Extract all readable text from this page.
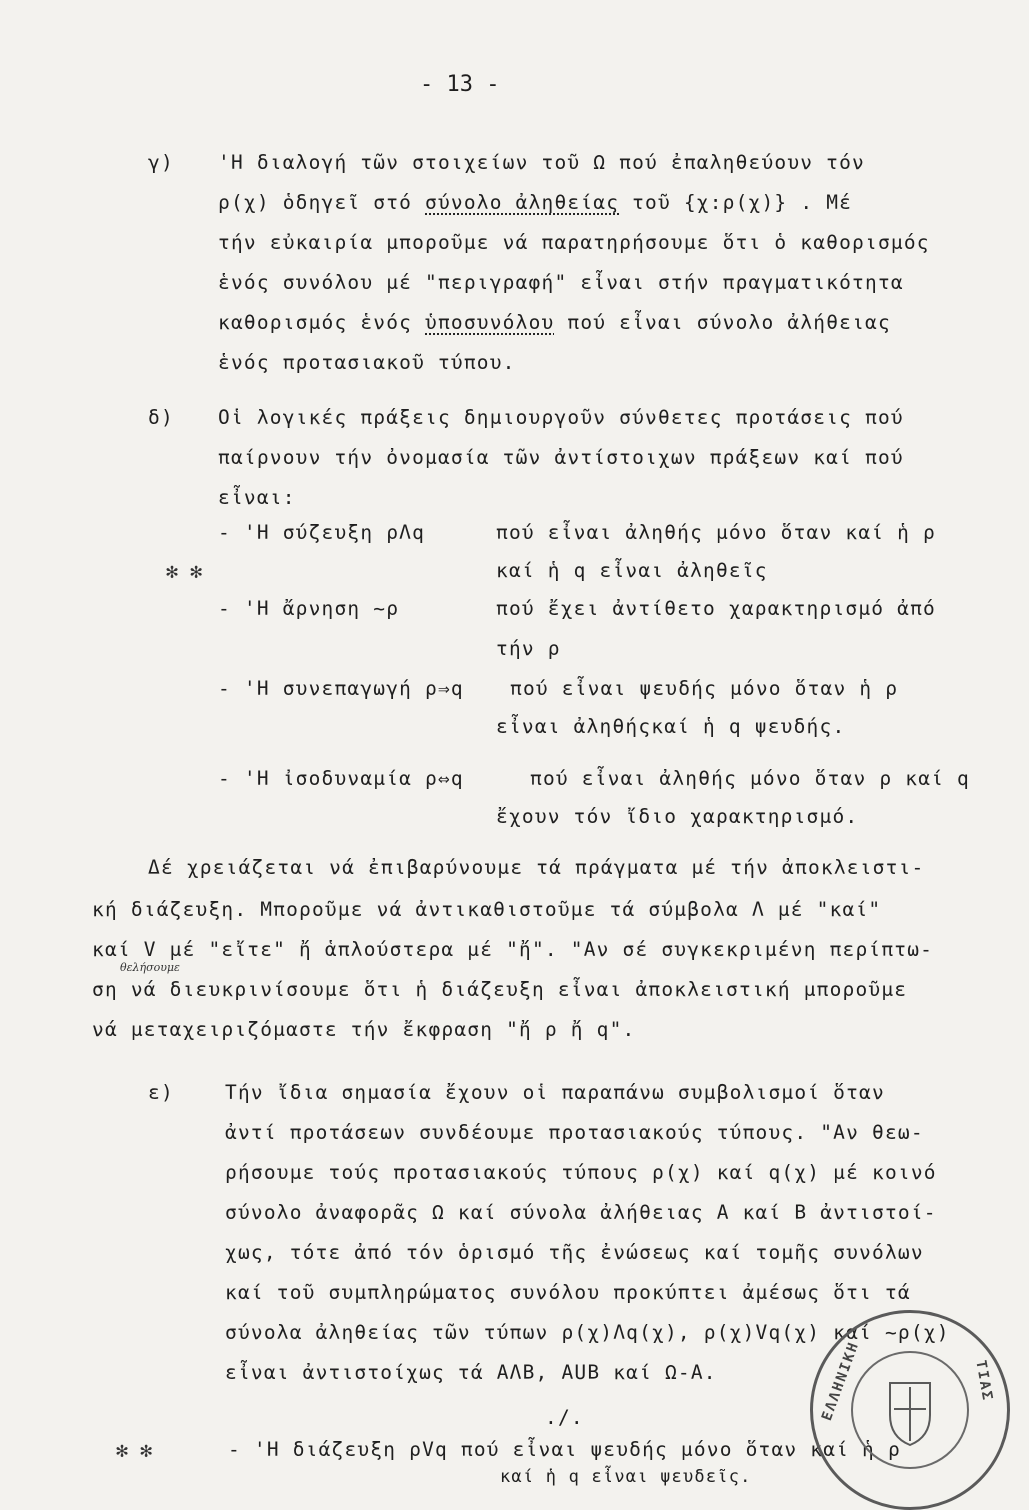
- 13 -
γ) 'Η διαλογή τῶν στοιχείων τοῦ Ω πού ἐπαληθεύουν τόν
ρ(χ) ὁδηγεῖ στό σύνολο ἀληθείας τοῦ {χ:ρ(χ)} . Μέ
τήν εὐκαιρία μποροῦμε νά παρατηρήσουμε ὅτι ὁ καθορισμός
ἑνός συνόλου μέ "περιγραφή" εἶναι στήν πραγματικότητα
καθορισμός ἑνός ὑποσυνόλου πού εἶναι σύνολο ἀλήθειας
ἑνός προτασιακοῦ τύπου.
δ) Οἱ λογικές πράξεις δημιουργοῦν σύνθετες προτάσεις πού
παίρνουν τήν ὀνομασία τῶν ἀντίστοιχων πράξεων καί πού
εἶναι:
- 'Η σύζευξη ρΛq	πού εἶναι ἀληθής μόνο ὅταν καί ἡ ρ
✻ ✻	καί ἡ q εἶναι ἀληθεῖς
- 'Η ἄρνηση ~ρ	πού ἔχει ἀντίθετο χαρακτηρισμό ἀπό
τήν ρ
- 'Η συνεπαγωγή ρ⇒q πού εἶναι ψευδής μόνο ὅταν ἡ ρ
εἶναι ἀληθήςκαί ἡ q ψευδής.
- 'Η ἰσοδυναμία ρ⇔q	πού εἶναι ἀληθής μόνο ὅταν ρ καί q
ἔχουν τόν ἴδιο χαρακτηρισμό.
Δέ χρειάζεται νά ἐπιβαρύνουμε τά πράγματα μέ τήν ἀποκλειστι-
κή διάζευξη. Μποροῦμε νά ἀντικαθιστοῦμε τά σύμβολα Λ μέ "καί"
καί V μέ "εἴτε" ἤ ἁπλούστερα μέ "ἤ". "Αν σέ συγκεκριμένη περίπτω-
θελήσουμε
ση νά διευκρινίσουμε ὅτι ἡ διάζευξη εἶναι ἀποκλειστική μποροῦμε
νά μεταχειριζόμαστε τήν ἔκφραση "ἤ ρ ἤ q".
ε)	Τήν ἴδια σημασία ἔχουν οἱ παραπάνω συμβολισμοί ὅταν
ἀντί προτάσεων συνδέουμε προτασιακούς τύπους. "Αν θεω-
ρήσουμε τούς προτασιακούς τύπους ρ(χ) καί q(χ) μέ κοινό
σύνολο ἀναφορᾶς Ω καί σύνολα ἀλήθειας Α καί Β ἀντιστοί-
χως, τότε ἀπό τόν ὁρισμό τῆς ἐνώσεως καί τομῆς συνόλων
καί τοῦ συμπληρώματος συνόλου προκύπτει ἀμέσως ὅτι τά
σύνολα ἀληθείας τῶν τύπων ρ(χ)Λq(χ), ρ(χ)Vq(χ) καί ~ρ(χ)
εἶναι ἀντιστοίχως τά ΑΛΒ, ΑUΒ καί Ω-Α.
./.
✻ ✻	- 'Η διάζευξη ρVq πού εἶναι ψευδής μόνο ὅταν καί ἡ ρ
καί ἡ q εἶναι ψευδεῖς.
ΕΛΛΗΝΙΚΗ	ΤΙΑΣ
